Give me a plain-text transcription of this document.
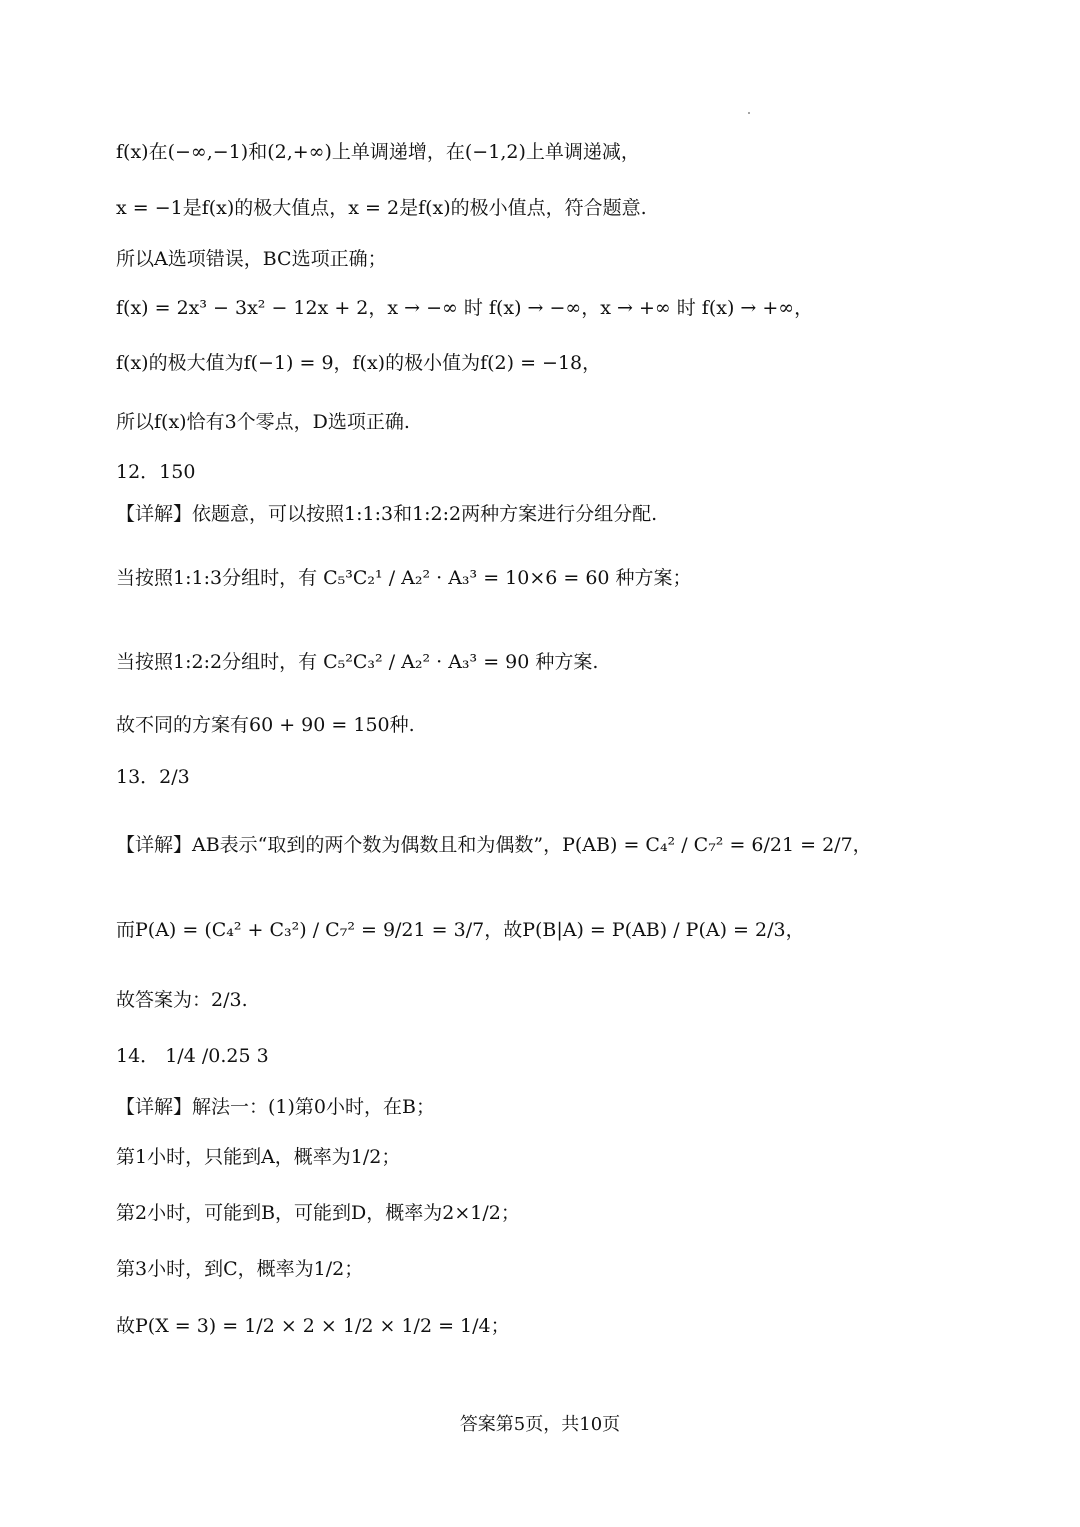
f(x)在(−∞,−1)和(2,+∞)上单调递增，在(−1,2)上单调递减，
x = −1是f(x)的极大值点，x = 2是f(x)的极小值点，符合题意.
所以A选项错误，BC选项正确；
f(x) = 2x³ − 3x² − 12x + 2，x → −∞ 时 f(x) → −∞，x → +∞ 时 f(x) → +∞，
f(x)的极大值为f(−1) = 9，f(x)的极小值为f(2) = −18，
所以f(x)恰有3个零点，D选项正确.
12．150
【详解】依题意，可以按照1:1:3和1:2:2两种方案进行分组分配.
当按照1:1:3分组时，有 C₅³C₂¹ / A₂² · A₃³ = 10×6 = 60 种方案；
当按照1:2:2分组时，有 C₅²C₃² / A₂² · A₃³ = 90 种方案.
故不同的方案有60 + 90 = 150种.
13．2/3
【详解】AB表示“取到的两个数为偶数且和为偶数”，P(AB) = C₄² / C₇² = 6/21 = 2/7，
而P(A) = (C₄² + C₃²) / C₇² = 9/21 = 3/7，故P(B|A) = P(AB) / P(A) = 2/3，
故答案为：2/3.
14． 1/4 /0.25 3
【详解】解法一：(1)第0小时，在B；
第1小时，只能到A，概率为1/2；
第2小时，可能到B，可能到D，概率为2×1/2；
第3小时，到C，概率为1/2；
故P(X = 3) = 1/2 × 2 × 1/2 × 1/2 = 1/4；
答案第5页，共10页
